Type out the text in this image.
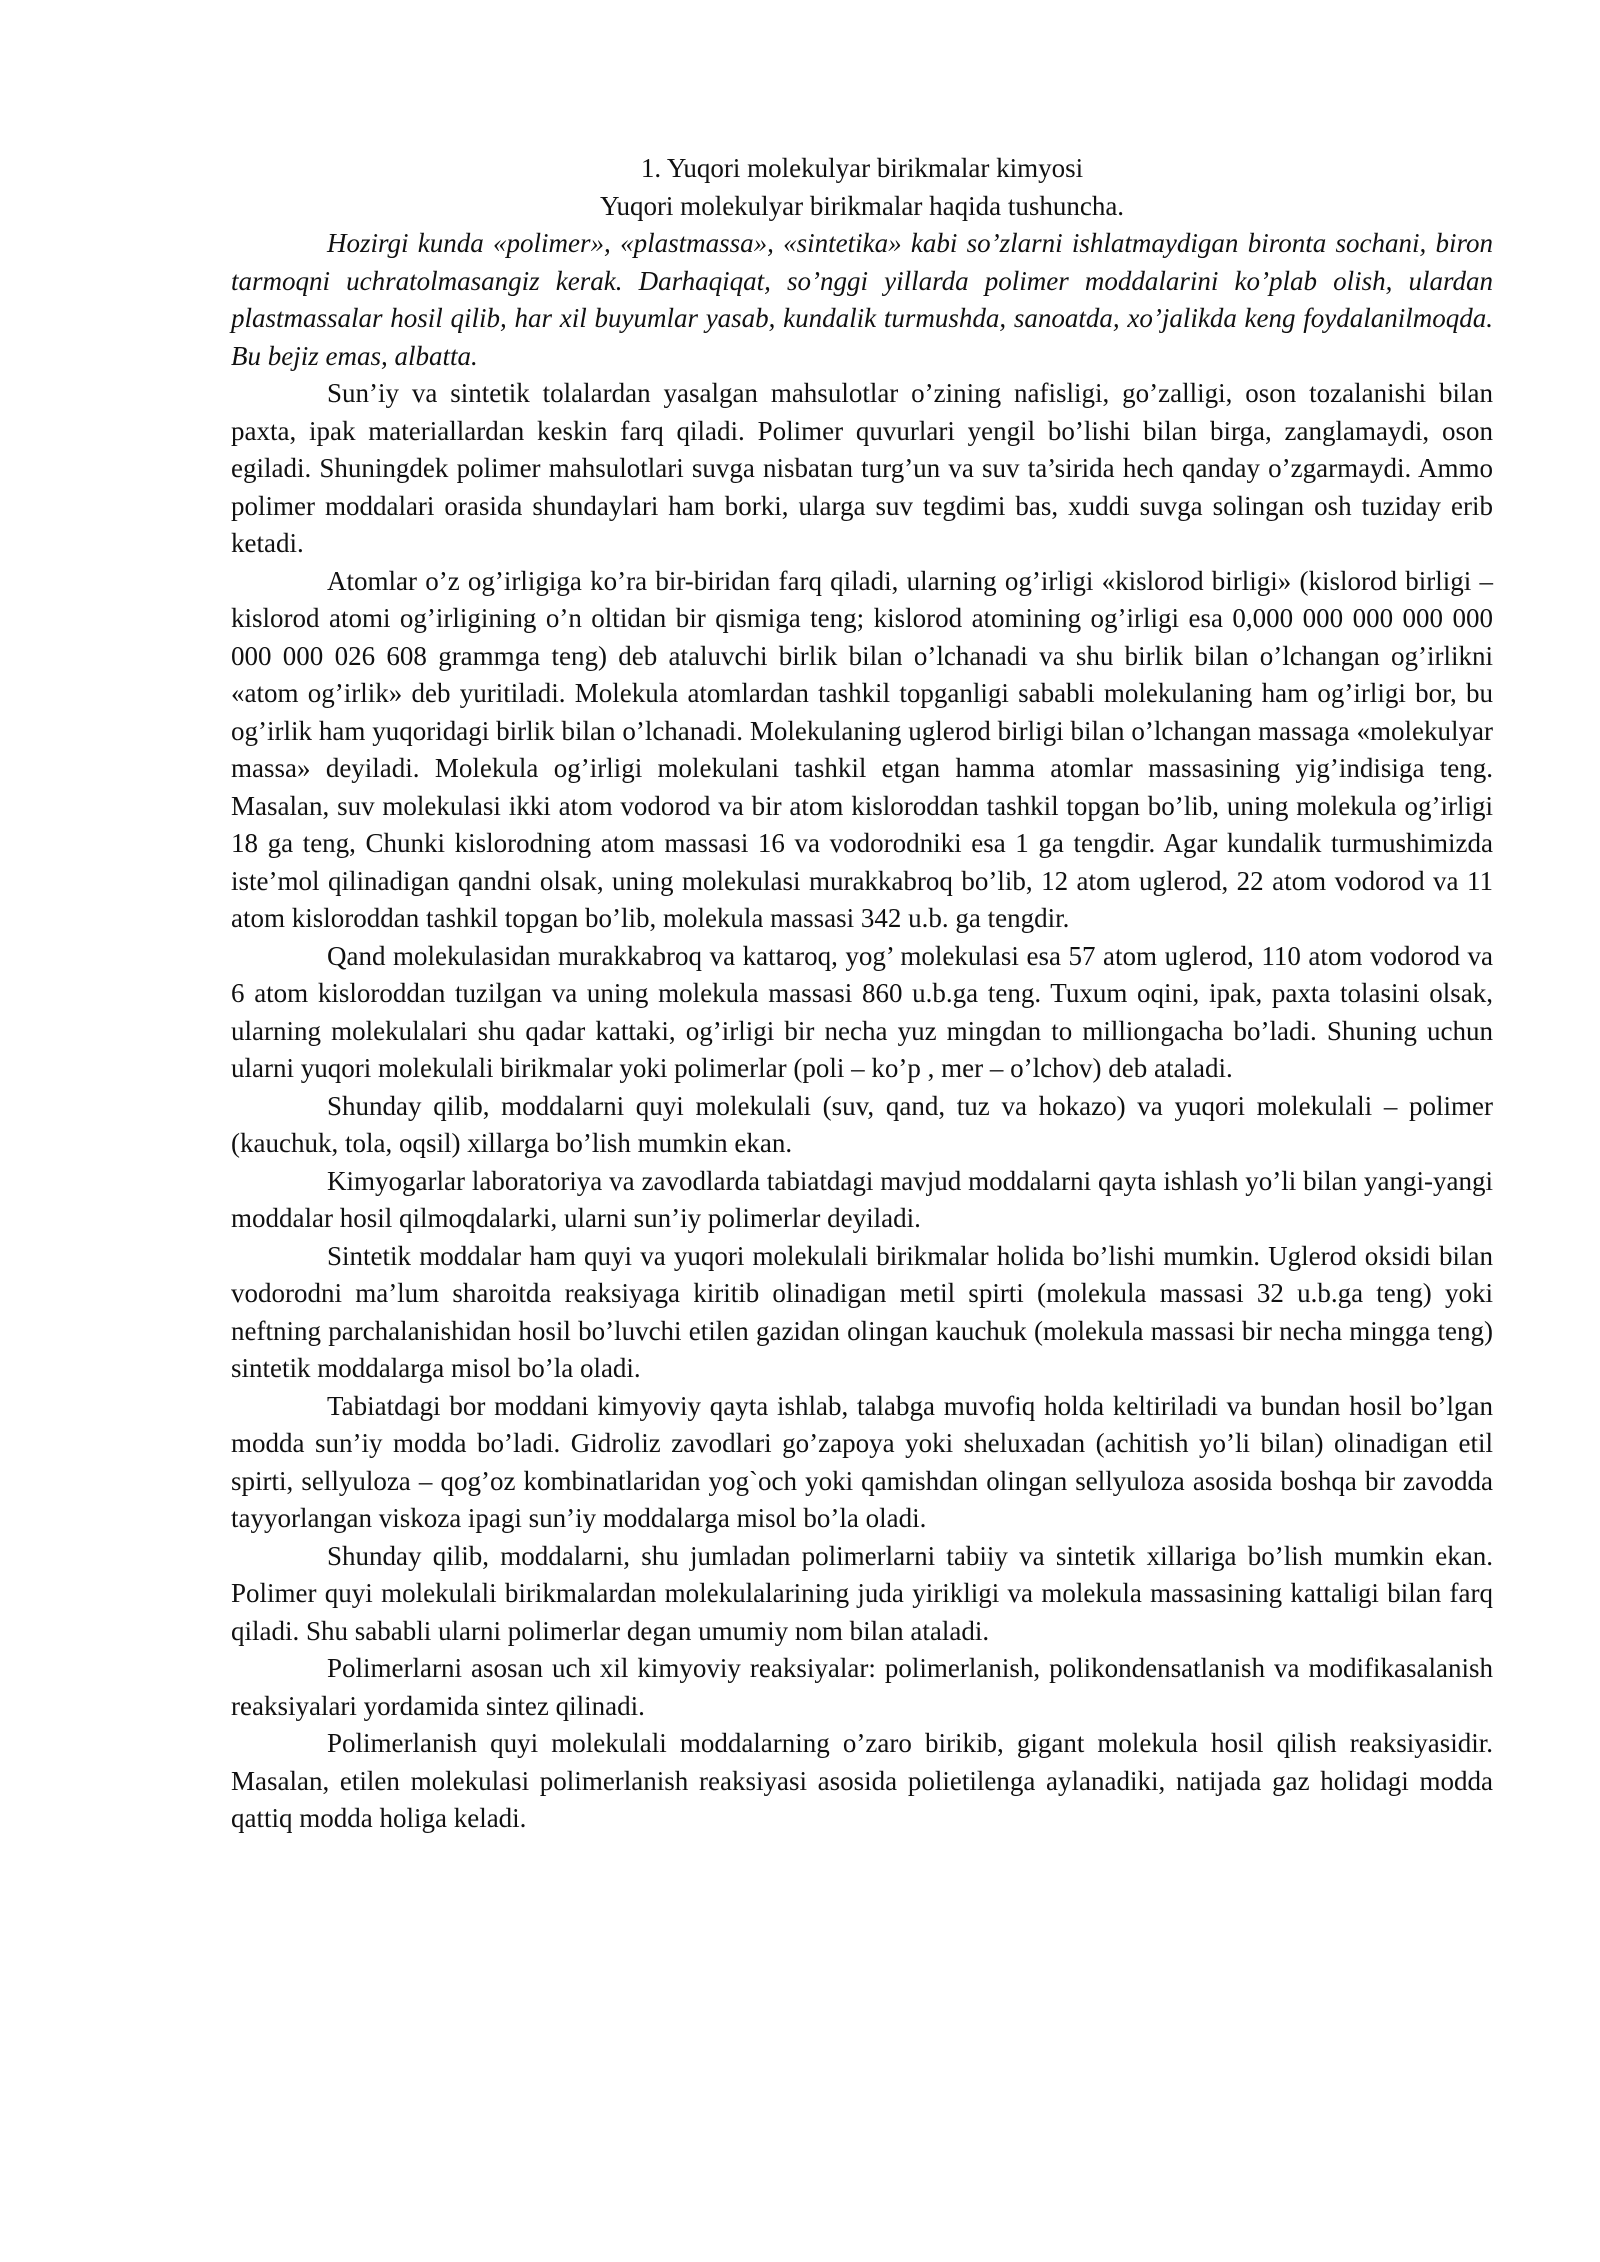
1. Yuqori molekulyar birikmalar kimyosi

Yuqori molekulyar birikmalar haqida tushuncha.

Hozirgi kunda «polimer», «plastmassa», «sintetika» kabi so’zlarni ishlatmaydigan bironta sochani, biron tarmoqni uchratolmasangiz kerak. Darhaqiqat, so’nggi yillarda polimer moddalarini ko’plab olish, ulardan plastmassalar hosil qilib, har xil buyumlar yasab, kundalik turmushda, sanoatda, xo’jalikda keng foydalanilmoqda. Bu bejiz emas, albatta.

Sun’iy va sintetik tolalardan yasalgan mahsulotlar o’zining nafisligi, go’zalligi, oson tozalanishi bilan paxta, ipak materiallardan keskin farq qiladi. Polimer quvurlari yengil bo’lishi bilan birga, zanglamaydi, oson egiladi. Shuningdek polimer mahsulotlari suvga nisbatan turg’un va suv ta’sirida hech qanday o’zgarmaydi. Ammo polimer moddalari orasida shundaylari ham borki, ularga suv tegdimi bas, xuddi suvga solingan osh tuziday erib ketadi.

Atomlar o’z og’irligiga ko’ra bir-biridan farq qiladi, ularning og’irligi «kislorod birligi» (kislorod birligi – kislorod atomi og’irligining o’n oltidan bir qismiga teng; kislorod atomining og’irligi esa 0,000 000 000 000 000 000 000 026 608 grammga teng) deb ataluvchi birlik bilan o’lchanadi va shu birlik bilan o’lchangan og’irlikni «atom og’irlik» deb yuritiladi. Molekula atomlardan tashkil topganligi sababli molekulaning ham og’irligi bor, bu og’irlik ham yuqoridagi birlik bilan o’lchanadi. Molekulaning uglerod birligi bilan o’lchangan massaga «molekulyar massa» deyiladi. Molekula og’irligi molekulani tashkil etgan hamma atomlar massasining yig’indisiga teng. Masalan, suv molekulasi ikki atom vodorod va bir atom kisloroddan tashkil topgan bo’lib, uning molekula og’irligi 18 ga teng, Chunki kislorodning atom massasi 16 va vodorodniki esa 1 ga tengdir. Agar kundalik turmushimizda iste’mol qilinadigan qandni olsak, uning molekulasi murakkabroq bo’lib, 12 atom uglerod, 22 atom vodorod va 11 atom kisloroddan tashkil topgan bo’lib, molekula massasi 342 u.b. ga tengdir.

Qand molekulasidan murakkabroq va kattaroq, yog’ molekulasi esa 57 atom uglerod, 110 atom vodorod va 6 atom kisloroddan tuzilgan va uning molekula massasi 860 u.b.ga teng. Tuxum oqini, ipak, paxta tolasini olsak, ularning molekulalari shu qadar kattaki, og’irligi bir necha yuz mingdan to milliongacha bo’ladi. Shuning uchun ularni yuqori molekulali birikmalar yoki polimerlar (poli – ko’p , mer – o’lchov) deb ataladi.

Shunday qilib, moddalarni quyi molekulali (suv, qand, tuz va hokazo) va yuqori molekulali – polimer (kauchuk, tola, oqsil) xillarga bo’lish mumkin ekan.

Kimyogarlar laboratoriya va zavodlarda tabiatdagi mavjud moddalarni qayta ishlash yo’li bilan yangi-yangi moddalar hosil qilmoqdalarki, ularni sun’iy polimerlar deyiladi.

Sintetik moddalar ham quyi va yuqori molekulali birikmalar holida bo’lishi mumkin. Uglerod oksidi bilan vodorodni ma’lum sharoitda reaksiyaga kiritib olinadigan metil spirti (molekula massasi 32 u.b.ga teng) yoki neftning parchalanishidan hosil bo’luvchi etilen gazidan olingan kauchuk (molekula massasi bir necha mingga teng) sintetik moddalarga misol bo’la oladi.

Tabiatdagi bor moddani kimyoviy qayta ishlab, talabga muvofiq holda keltiriladi va bundan hosil bo’lgan modda sun’iy modda bo’ladi. Gidroliz zavodlari go’zapoya yoki sheluxadan (achitish yo’li bilan) olinadigan etil spirti, sellyuloza – qog’oz kombinatlaridan yog`och yoki qamishdan olingan sellyuloza asosida boshqa bir zavodda tayyorlangan viskoza ipagi sun’iy moddalarga misol bo’la oladi.

Shunday qilib, moddalarni, shu jumladan polimerlarni tabiiy va sintetik xillariga bo’lish mumkin ekan. Polimer quyi molekulali birikmalardan molekulalarining juda yirikligi va molekula massasining kattaligi bilan farq qiladi. Shu sababli ularni polimerlar degan umumiy nom bilan ataladi.

Polimerlarni asosan uch xil kimyoviy reaksiyalar: polimerlanish, polikondensatlanish va modifikasalanish reaksiyalari yordamida sintez qilinadi.

Polimerlanish quyi molekulali moddalarning o’zaro birikib, gigant molekula hosil qilish reaksiyasidir. Masalan, etilen molekulasi polimerlanish reaksiyasi asosida polietilenga aylanadiki, natijada gaz holidagi modda qattiq modda holiga keladi.
